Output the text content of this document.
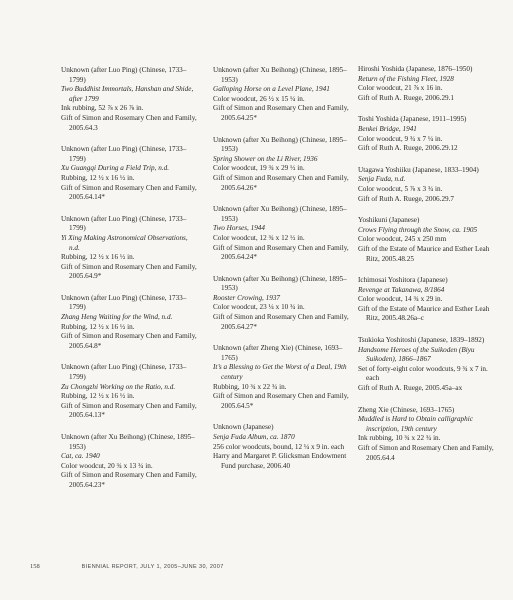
Unknown (after Luo Ping) (Chinese, 1733–1799)
Two Buddhist Immortals, Hanshan and Shide, after 1799
Ink rubbing, 52 ⅞ x 26 ⅞ in.
Gift of Simon and Rosemary Chen and Family, 2005.64.3
Unknown (after Luo Ping) (Chinese, 1733–1799)
Xu Guangqi During a Field Trip, n.d.
Rubbing, 12 ½ x 16 ½ in.
Gift of Simon and Rosemary Chen and Family, 2005.64.14*
Unknown (after Luo Ping) (Chinese, 1733–1799)
Yi Xing Making Astronomical Observations, n.d.
Rubbing, 12 ½ x 16 ½ in.
Gift of Simon and Rosemary Chen and Family, 2005.64.9*
Unknown (after Luo Ping) (Chinese, 1733–1799)
Zhang Heng Waiting for the Wind, n.d.
Rubbing, 12 ½ x 16 ½ in.
Gift of Simon and Rosemary Chen and Family, 2005.64.8*
Unknown (after Luo Ping) (Chinese, 1733–1799)
Zu Chongzhi Working on the Ratio, n.d.
Rubbing, 12 ½ x 16 ½ in.
Gift of Simon and Rosemary Chen and Family, 2005.64.13*
Unknown (after Xu Beihong) (Chinese, 1895–1953)
Cat, ca. 1940
Color woodcut, 20 ¾ x 13 ¾ in.
Gift of Simon and Rosemary Chen and Family, 2005.64.23*
Unknown (after Xu Beihong) (Chinese, 1895–1953)
Galloping Horse on a Level Plane, 1941
Color woodcut, 26 ½ x 15 ¼ in.
Gift of Simon and Rosemary Chen and Family, 2005.64.25*
Unknown (after Xu Beihong) (Chinese, 1895–1953)
Spring Shower on the Li River, 1936
Color woodcut, 19 ¾ x 29 ½ in.
Gift of Simon and Rosemary Chen and Family, 2005.64.26*
Unknown (after Xu Beihong) (Chinese, 1895–1953)
Two Horses, 1944
Color woodcut, 12 ¾ x 12 ½ in.
Gift of Simon and Rosemary Chen and Family, 2005.64.24*
Unknown (after Xu Beihong) (Chinese, 1895–1953)
Rooster Crowing, 1937
Color woodcut, 23 ¼ x 10 ¾ in.
Gift of Simon and Rosemary Chen and Family, 2005.64.27*
Unknown (after Zheng Xie) (Chinese, 1693–1765)
It’s a Blessing to Get the Worst of a Deal, 19th century
Rubbing, 10 ¾ x 22 ¾ in.
Gift of Simon and Rosemary Chen and Family, 2005.64.5*
Unknown (Japanese)
Senja Fuda Album, ca. 1870
256 color woodcuts, bound, 12 ¼ x 9 in. each
Harry and Margaret P. Glicksman Endowment Fund purchase, 2006.40
Hiroshi Yoshida (Japanese, 1876–1950)
Return of the Fishing Fleet, 1928
Color woodcut, 21 ⅞ x 16 in.
Gift of Ruth A. Ruege, 2006.29.1
Toshi Yoshida (Japanese, 1911–1995)
Benkei Bridge, 1941
Color woodcut, 9 ¾ x 7 ¼ in.
Gift of Ruth A. Ruege, 2006.29.12
Utagawa Yoshiiku (Japanese, 1833–1904)
Senja Fuda, n.d.
Color woodcut, 5 ⅞ x 3 ¾ in.
Gift of Ruth A. Ruege, 2006.29.7
Yoshikuni (Japanese)
Crows Flying through the Snow, ca. 1905
Color woodcut, 245 x 250 mm
Gift of the Estate of Maurice and Esther Leah Ritz, 2005.48.25
Ichimosai Yoshitora (Japanese)
Revenge at Takanawa, 8/1864
Color woodcut, 14 ¾ x 29 in.
Gift of the Estate of Maurice and Esther Leah Ritz, 2005.48.26a–c
Tsukioka Yoshitoshi (Japanese, 1839–1892)
Handsome Heroes of the Suikoden (Biyu Suikoden), 1866–1867
Set of forty-eight color woodcuts, 9 ¾ x 7 in. each
Gift of Ruth A. Ruege, 2005.45a–ax
Zheng Xie (Chinese, 1693–1765)
Muddled is Hard to Obtain calligraphic inscription, 19th century
Ink rubbing, 10 ¾ x 22 ¾ in.
Gift of Simon and Rosemary Chen and Family, 2005.64.4
158	BIENNIAL REPORT, JULY 1, 2005–JUNE 30, 2007
